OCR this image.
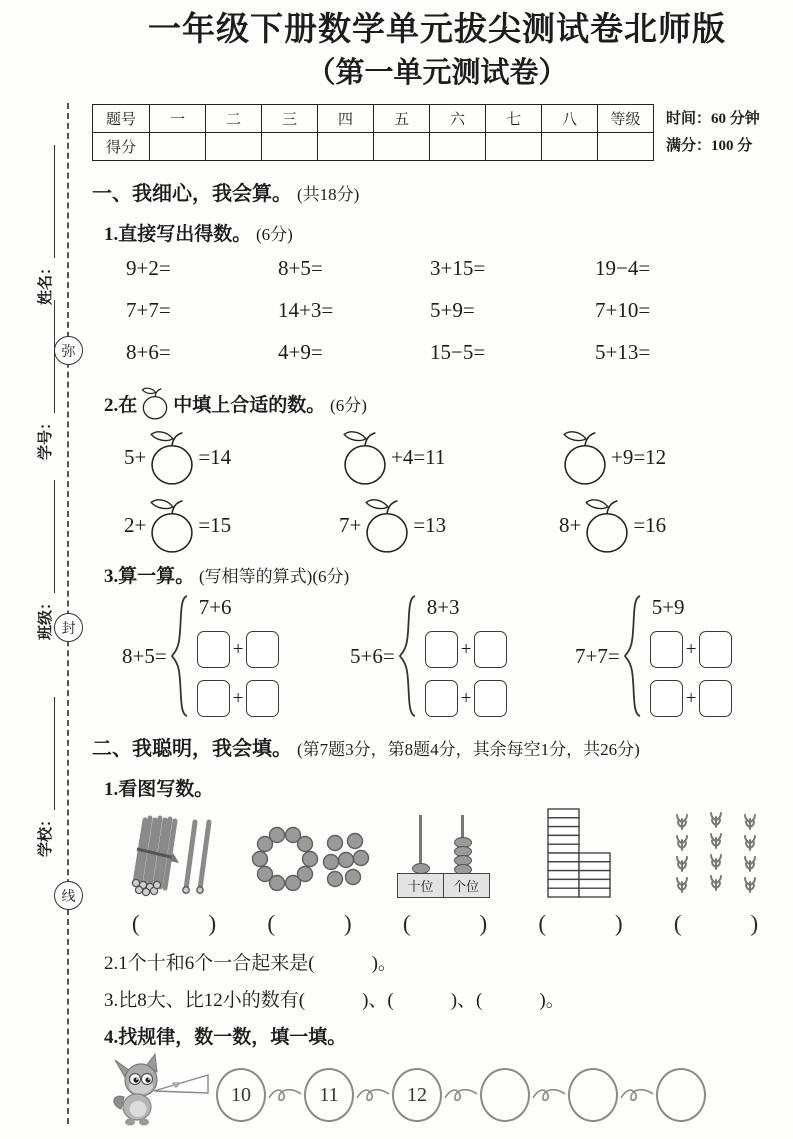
姓名：
学号：
班级：
学校：
弥
封
线
一年级下册数学单元拔尖测试卷北师版
（第一单元测试卷）
题号	一	二	三	四	五	六	七	八	等级
得分									
时间：60 分钟
满分：100 分
一、我细心，我会算。 (共18分)
1.直接写出得数。 (6分)
9+2=	8+5=	3+15=	19−4=
7+7=	14+3=	5+9=	7+10=
8+6=	4+9=	15−5=	5+13=
2.在 中填上合适的数。 (6分)
5+ =14	+4=11	+9=12
2+ =15	7+ =13	8+ =16
3.算一算。 (写相等的算式)(6分)
8+5=
7+6
+
+
5+6=
8+3
+
+
7+7=
5+9
+
+
二、我聪明，我会填。 (第7题3分，第8题4分，其余每空1分，共26分)
1.看图写数。
(　　　) (　　　)
十位	个位
(　　　) (　　　) (　　　)
2.1个十和6个一合起来是(　　　)。
3.比8大、比12小的数有(　　　)、(　　　)、(　　　)。
4.找规律，数一数，填一填。
10	11	12
